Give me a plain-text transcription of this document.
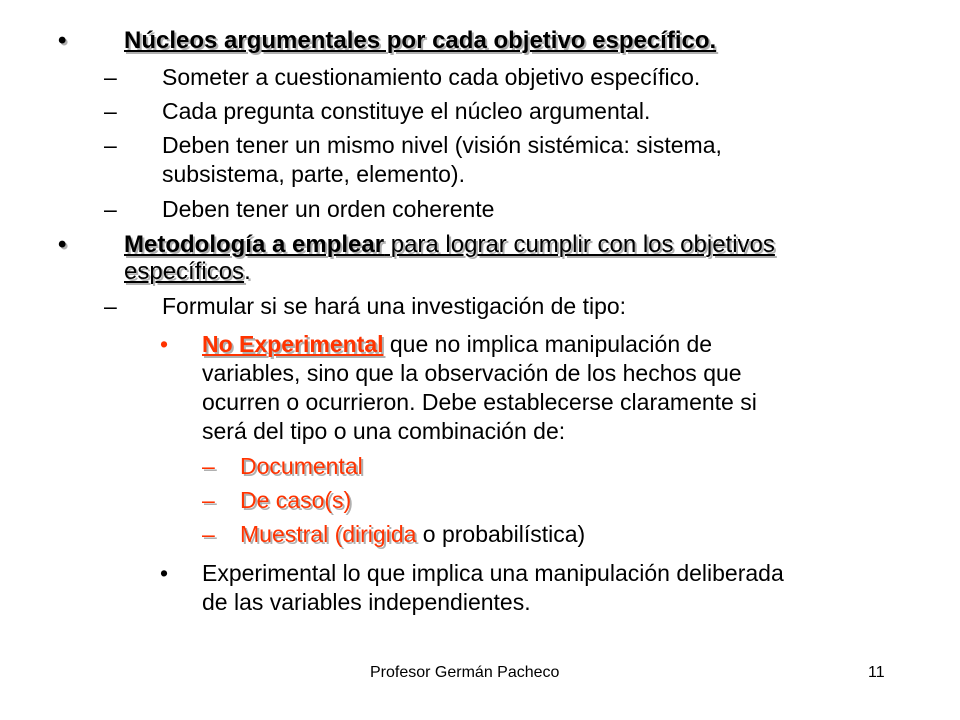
• Núcleos argumentales por cada objetivo específico.
– Someter a cuestionamiento cada objetivo específico.
– Cada pregunta constituye el núcleo argumental.
– Deben tener un mismo nivel (visión sistémica: sistema,
subsistema, parte, elemento).
– Deben tener un orden coherente
• Metodología a emplear para lograr cumplir con los objetivos
específicos.
– Formular si se hará una investigación de tipo:
• No Experimental que no implica manipulación de
variables, sino que la observación de los hechos que
ocurren o ocurrieron. Debe establecerse claramente si
será del tipo o una combinación de:
– Documental
– De caso(s)
– Muestral (dirigida o probabilística)
• Experimental lo que implica una manipulación deliberada
de las variables independientes.
Profesor Germán Pacheco	11
